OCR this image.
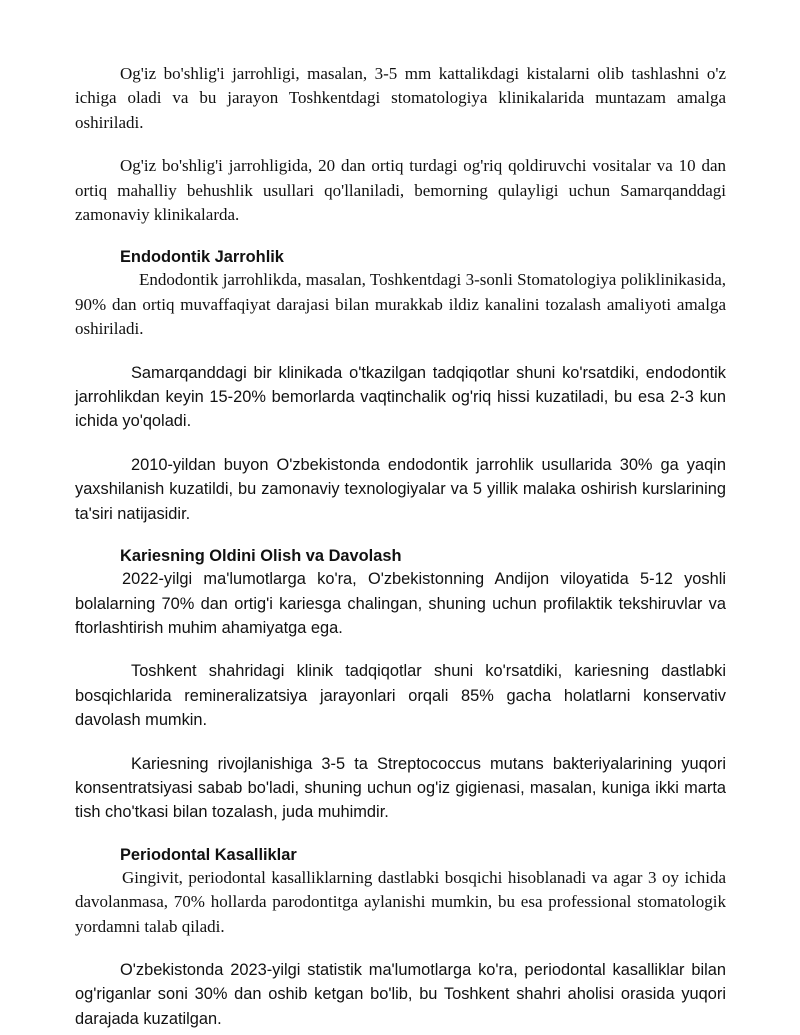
Og'iz bo'shlig'i jarrohligi, masalan, 3-5 mm kattalikdagi kistalarni olib tashlashni o'z ichiga oladi va bu jarayon Toshkentdagi stomatologiya klinikalarida muntazam amalga oshiriladi.

Og'iz bo'shlig'i jarrohligida, 20 dan ortiq turdagi og'riq qoldiruvchi vositalar va 10 dan ortiq mahalliy behushlik usullari qo'llaniladi, bemorning qulayligi uchun Samarqanddagi zamonaviy klinikalarda.

Endodontik Jarrohlik

Endodontik jarrohlikda, masalan, Toshkentdagi 3-sonli Stomatologiya poliklinikasida, 90% dan ortiq muvaffaqiyat darajasi bilan murakkab ildiz kanalini tozalash amaliyoti amalga oshiriladi.

Samarqanddagi bir klinikada o'tkazilgan tadqiqotlar shuni ko'rsatdiki, endodontik jarrohlikdan keyin 15-20% bemorlarda vaqtinchalik og'riq hissi kuzatiladi, bu esa 2-3 kun ichida yo'qoladi.

2010-yildan buyon O'zbekistonda endodontik jarrohlik usullarida 30% ga yaqin yaxshilanish kuzatildi, bu zamonaviy texnologiyalar va 5 yillik malaka oshirish kurslarining ta'siri natijasidir.

Kariesning Oldini Olish va Davolash

2022-yilgi ma'lumotlarga ko'ra, O'zbekistonning Andijon viloyatida 5-12 yoshli bolalarning 70% dan ortig'i kariesga chalingan, shuning uchun profilaktik tekshiruvlar va ftorlashtirish muhim ahamiyatga ega.

Toshkent shahridagi klinik tadqiqotlar shuni ko'rsatdiki, kariesning dastlabki bosqichlarida remineralizatsiya jarayonlari orqali 85% gacha holatlarni konservativ davolash mumkin.

Kariesning rivojlanishiga 3-5 ta Streptococcus mutans bakteriyalarining yuqori konsentratsiyasi sabab bo'ladi, shuning uchun og'iz gigienasi, masalan, kuniga ikki marta tish cho'tkasi bilan tozalash, juda muhimdir.

Periodontal Kasalliklar

Gingivit, periodontal kasalliklarning dastlabki bosqichi hisoblanadi va agar 3 oy ichida davolanmasa, 70% hollarda parodontitga aylanishi mumkin, bu esa professional stomatologik yordamni talab qiladi.

O'zbekistonda 2023-yilgi statistik ma'lumotlarga ko'ra, periodontal kasalliklar bilan og'riganlar soni 30% dan oshib ketgan bo'lib, bu Toshkent shahri aholisi orasida yuqori darajada kuzatilgan.
